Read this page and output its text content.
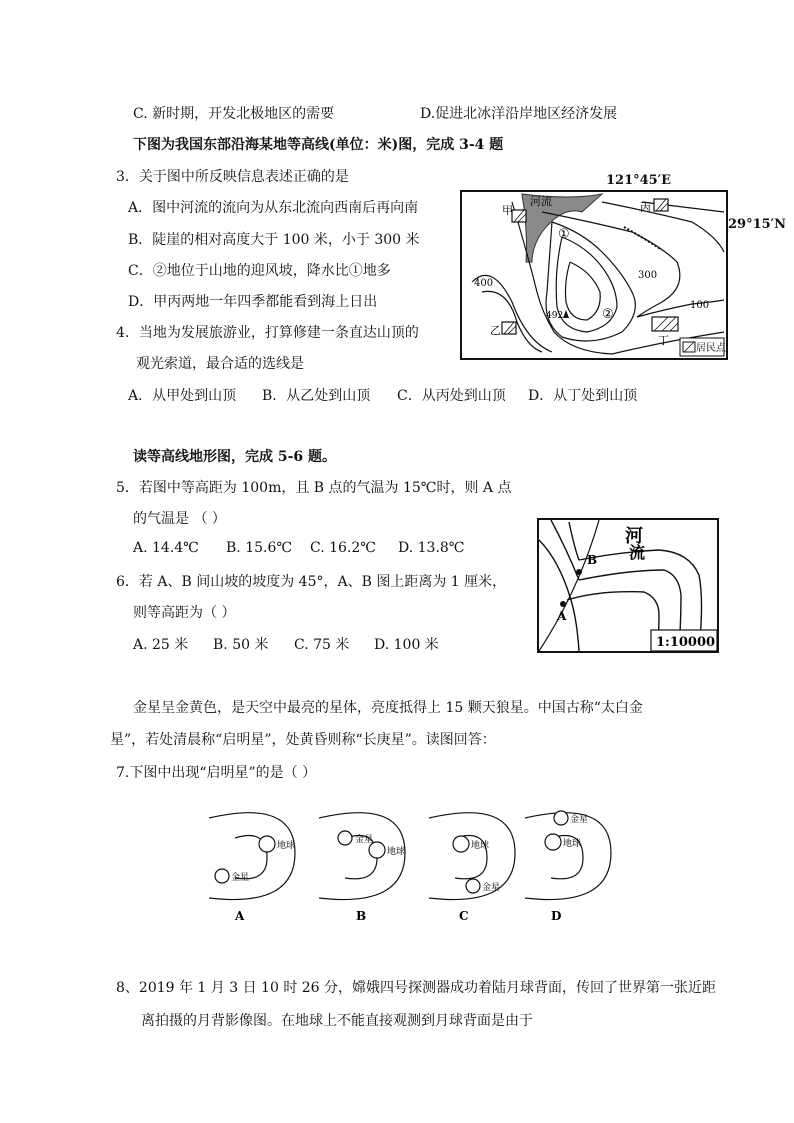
C. 新时期，开发北极地区的需要	D.促进北冰洋沿岸地区经济发展
下图为我国东部沿海某地等高线(单位：米)图，完成 3-4 题
3．关于图中所反映信息表述正确的是
A．图中河流的流向为从东北流向西南后再向南
B．陡崖的相对高度大于 100 米，小于 300 米
C．②地位于山地的迎风坡，降水比①地多
D．甲丙两地一年四季都能看到海上日出
4．当地为发展旅游业，打算修建一条直达山顶的
观光索道，最合适的选线是
A．从甲处到山顶 B．从乙处到山顶 C．从丙处到山顶 D．从丁处到山顶
121°45′E
29°15′N
居民点
河流
甲	丙
乙
丁
①
②
400
300
100
492
读等高线地形图，完成 5-6 题。
5．若图中等高距为 100m，且 B 点的气温为 15℃时，则 A 点
的气温是 （ ）
A. 14.4℃ B. 15.6℃ C. 16.2℃ D. 13.8℃
6．若 A、B 间山坡的坡度为 45°，A、B 图上距离为 1 厘米，
则等高距为（ ）
A. 25 米 B. 50 米 C. 75 米 D. 100 米
B
A
河
流
1:10000
金星呈金黄色，是天空中最亮的星体，亮度抵得上 15 颗天狼星。中国古称“太白金
星”，若处清晨称“启明星”，处黄昏则称“长庚星”。读图回答：
7.下图中出现“启明星”的是（ ）
金星
地球
金星
地球
地球
金星
地球
金星
A	B	C	D
8、2019 年 1 月 3 日 10 时 26 分，嫦娥四号探测器成功着陆月球背面，传回了世界第一张近距
离拍摄的月背影像图。在地球上不能直接观测到月球背面是由于
